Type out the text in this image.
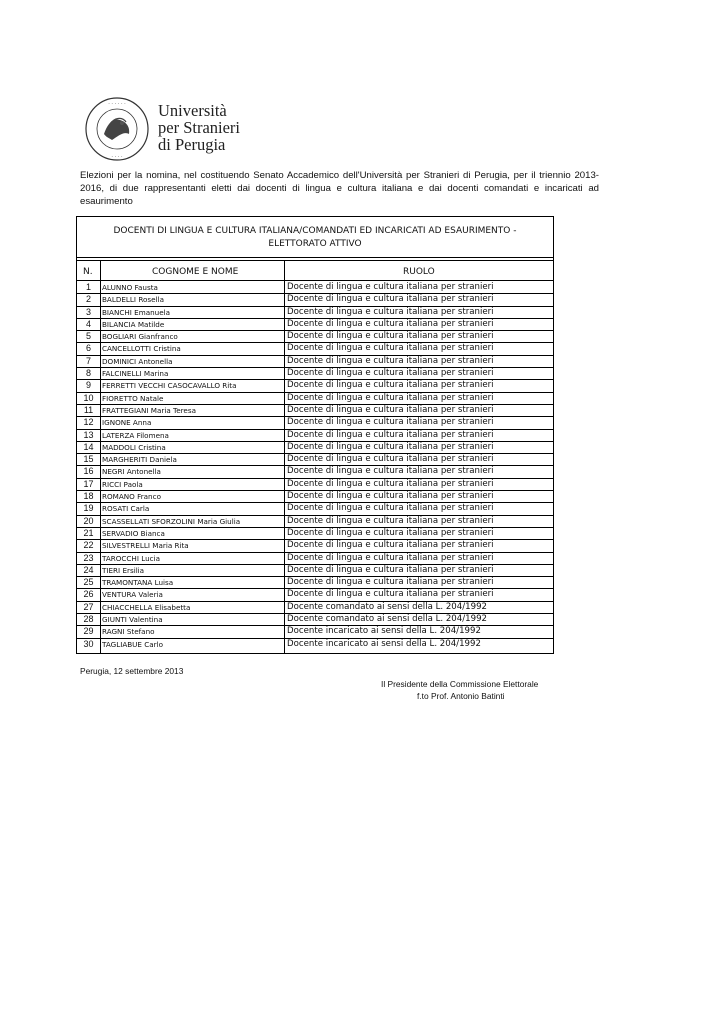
· · · · · ·
· · · ·
Università
per Stranieri
di Perugia
Elezioni per la nomina, nel costituendo Senato Accademico dell'Università per Stranieri di Perugia, per il triennio 2013-2016, di due rappresentanti eletti dai docenti di lingua e cultura italiana e dai docenti comandati e incaricati ad esaurimento
DOCENTI DI LINGUA E CULTURA ITALIANA/COMANDATI ED INCARICATI AD ESAURIMENTO - ELETTORATO ATTIVO
N.	COGNOME E NOME	RUOLO
1	ALUNNO Fausta	Docente di lingua e cultura italiana per stranieri
2	BALDELLI Rosella	Docente di lingua e cultura italiana per stranieri
3	BIANCHI Emanuela	Docente di lingua e cultura italiana per stranieri
4	BILANCIA Matilde	Docente di lingua e cultura italiana per stranieri
5	BOGLIARI Gianfranco	Docente di lingua e cultura italiana per stranieri
6	CANCELLOTTI Cristina	Docente di lingua e cultura italiana per stranieri
7	DOMINICI Antonella	Docente di lingua e cultura italiana per stranieri
8	FALCINELLI Marina	Docente di lingua e cultura italiana per stranieri
9	FERRETTI VECCHI CASOCAVALLO Rita	Docente di lingua e cultura italiana per stranieri
10	FIORETTO Natale	Docente di lingua e cultura italiana per stranieri
11	FRATTEGIANI Maria Teresa	Docente di lingua e cultura italiana per stranieri
12	IGNONE Anna	Docente di lingua e cultura italiana per stranieri
13	LATERZA Filomena	Docente di lingua e cultura italiana per stranieri
14	MADDOLI Cristina	Docente di lingua e cultura italiana per stranieri
15	MARGHERITI Daniela	Docente di lingua e cultura italiana per stranieri
16	NEGRI Antonella	Docente di lingua e cultura italiana per stranieri
17	RICCI Paola	Docente di lingua e cultura italiana per stranieri
18	ROMANO Franco	Docente di lingua e cultura italiana per stranieri
19	ROSATI Carla	Docente di lingua e cultura italiana per stranieri
20	SCASSELLATI SFORZOLINI Maria Giulia	Docente di lingua e cultura italiana per stranieri
21	SERVADIO Bianca	Docente di lingua e cultura italiana per stranieri
22	SILVESTRELLI Maria Rita	Docente di lingua e cultura italiana per stranieri
23	TAROCCHI Lucia	Docente di lingua e cultura italiana per stranieri
24	TIERI Ersilia	Docente di lingua e cultura italiana per stranieri
25	TRAMONTANA Luisa	Docente di lingua e cultura italiana per stranieri
26	VENTURA Valeria	Docente di lingua e cultura italiana per stranieri
27	CHIACCHELLA Elisabetta	Docente comandato ai sensi della L. 204/1992
28	GIUNTI Valentina	Docente comandato ai sensi della L. 204/1992
29	RAGNI Stefano	Docente incaricato ai sensi della L. 204/1992
30	TAGLIABUE Carlo	Docente incaricato ai sensi della L. 204/1992
Perugia, 12 settembre 2013
Il Presidente della Commissione Elettorale
f.to Prof. Antonio Batinti
